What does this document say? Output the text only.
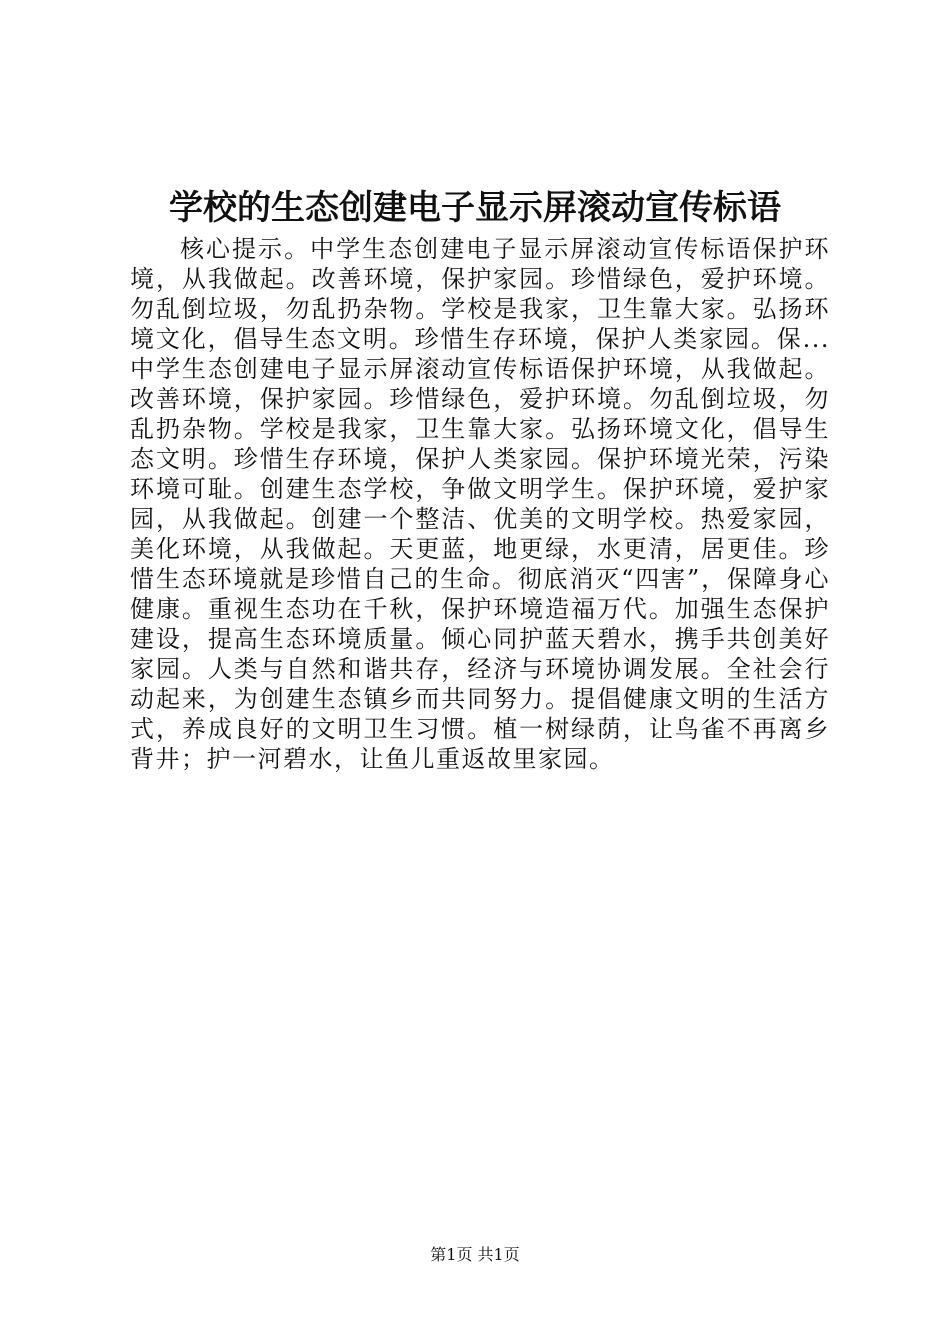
学校的生态创建电子显示屏滚动宣传标语

核心提示。中学生态创建电子显示屏滚动宣传标语保护环境，从我做起。改善环境，保护家园。珍惜绿色，爱护环境。勿乱倒垃圾，勿乱扔杂物。学校是我家，卫生靠大家。弘扬环境文化，倡导生态文明。珍惜生存环境，保护人类家园。保...中学生态创建电子显示屏滚动宣传标语保护环境，从我做起。改善环境，保护家园。珍惜绿色，爱护环境。勿乱倒垃圾，勿乱扔杂物。学校是我家，卫生靠大家。弘扬环境文化，倡导生态文明。珍惜生存环境，保护人类家园。保护环境光荣，污染环境可耻。创建生态学校，争做文明学生。保护环境，爱护家园，从我做起。创建一个整洁、优美的文明学校。热爱家园，美化环境，从我做起。天更蓝，地更绿，水更清，居更佳。珍惜生态环境就是珍惜自己的生命。彻底消灭“四害”，保障身心健康。重视生态功在千秋，保护环境造福万代。加强生态保护建设，提高生态环境质量。倾心同护蓝天碧水，携手共创美好家园。人类与自然和谐共存，经济与环境协调发展。全社会行动起来，为创建生态镇乡而共同努力。提倡健康文明的生活方式，养成良好的文明卫生习惯。植一树绿荫，让鸟雀不再离乡背井；护一河碧水，让鱼儿重返故里家园。

第1页 共1页
